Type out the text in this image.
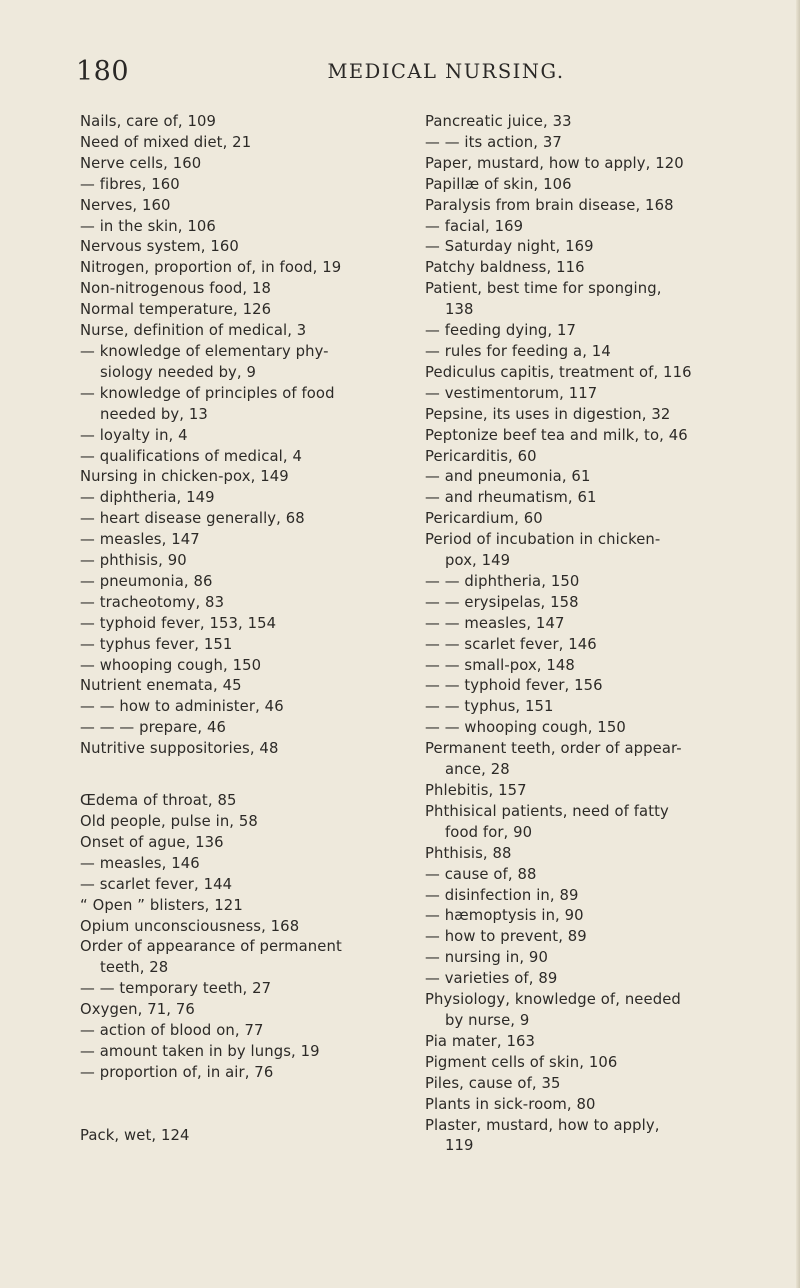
180	MEDICAL NURSING.
Nails, care of, 109
Need of mixed diet, 21
Nerve cells, 160
— fibres, 160
Nerves, 160
— in the skin, 106
Nervous system, 160
Nitrogen, proportion of, in food, 19
Non-nitrogenous food, 18
Normal temperature, 126
Nurse, definition of medical, 3
— knowledge of elementary phy-
siology needed by, 9
— knowledge of principles of food
needed by, 13
— loyalty in, 4
— qualifications of medical, 4
Nursing in chicken-pox, 149
— diphtheria, 149
— heart disease generally, 68
— measles, 147
— phthisis, 90
— pneumonia, 86
— tracheotomy, 83
— typhoid fever, 153, 154
— typhus fever, 151
— whooping cough, 150
Nutrient enemata, 45
— — how to administer, 46
— — — prepare, 46
Nutritive suppositories, 48
Œdema of throat, 85
Old people, pulse in, 58
Onset of ague, 136
— measles, 146
— scarlet fever, 144
“ Open ” blisters, 121
Opium unconsciousness, 168
Order of appearance of permanent
teeth, 28
— — temporary teeth, 27
Oxygen, 71, 76
— action of blood on, 77
— amount taken in by lungs, 19
— proportion of, in air, 76
Pack, wet, 124
Pancreatic juice, 33
— — its action, 37
Paper, mustard, how to apply, 120
Papillæ of skin, 106
Paralysis from brain disease, 168
— facial, 169
— Saturday night, 169
Patchy baldness, 116
Patient, best time for sponging,
138
— feeding dying, 17
— rules for feeding a, 14
Pediculus capitis, treatment of, 116
— vestimentorum, 117
Pepsine, its uses in digestion, 32
Peptonize beef tea and milk, to, 46
Pericarditis, 60
— and pneumonia, 61
— and rheumatism, 61
Pericardium, 60
Period of incubation in chicken-
pox, 149
— — diphtheria, 150
— — erysipelas, 158
— — measles, 147
— — scarlet fever, 146
— — small-pox, 148
— — typhoid fever, 156
— — typhus, 151
— — whooping cough, 150
Permanent teeth, order of appear-
ance, 28
Phlebitis, 157
Phthisical patients, need of fatty
food for, 90
Phthisis, 88
— cause of, 88
— disinfection in, 89
— hæmoptysis in, 90
— how to prevent, 89
— nursing in, 90
— varieties of, 89
Physiology, knowledge of, needed
by nurse, 9
Pia mater, 163
Pigment cells of skin, 106
Piles, cause of, 35
Plants in sick-room, 80
Plaster, mustard, how to apply,
119
